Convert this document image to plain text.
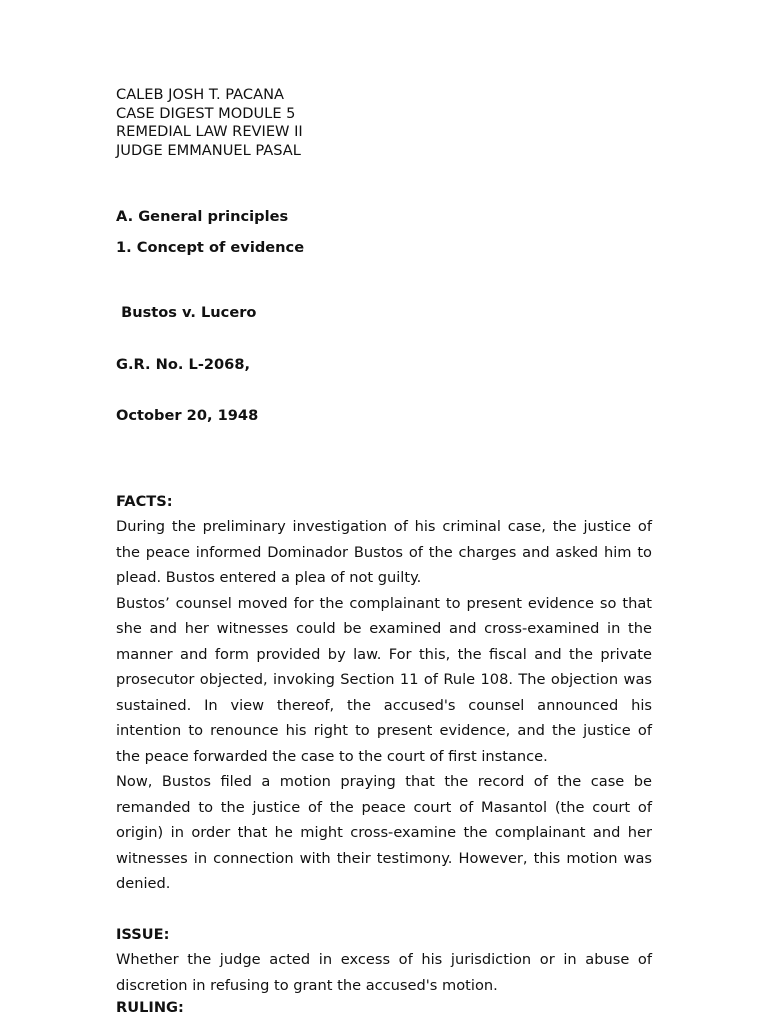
CALEB JOSH T. PACANA
CASE DIGEST MODULE 5
REMEDIAL LAW REVIEW II
JUDGE EMMANUEL PASAL
A. General principles
1. Concept of evidence

Bustos v. Lucero

G.R. No. L-2068,

October 20, 1948

FACTS:

During the preliminary investigation of his criminal case, the justice of the peace informed Dominador Bustos of the charges and asked him to plead. Bustos entered a plea of not guilty.

Bustos’ counsel moved for the complainant to present evidence so that she and her witnesses could be examined and cross-examined in the manner and form provided by law. For this, the fiscal and the private prosecutor objected, invoking Section 11 of Rule 108. The objection was sustained. In view thereof, the accused's counsel announced his intention to renounce his right to present evidence, and the justice of the peace forwarded the case to the court of first instance.

Now, Bustos filed a motion praying that the record of the case be remanded to the justice of the peace court of Masantol (the court of origin) in order that he might cross-examine the complainant and her witnesses in connection with their testimony. However, this motion was denied.

ISSUE:

Whether the judge acted in excess of his jurisdiction or in abuse of discretion in refusing to grant the accused's motion.

RULING:
